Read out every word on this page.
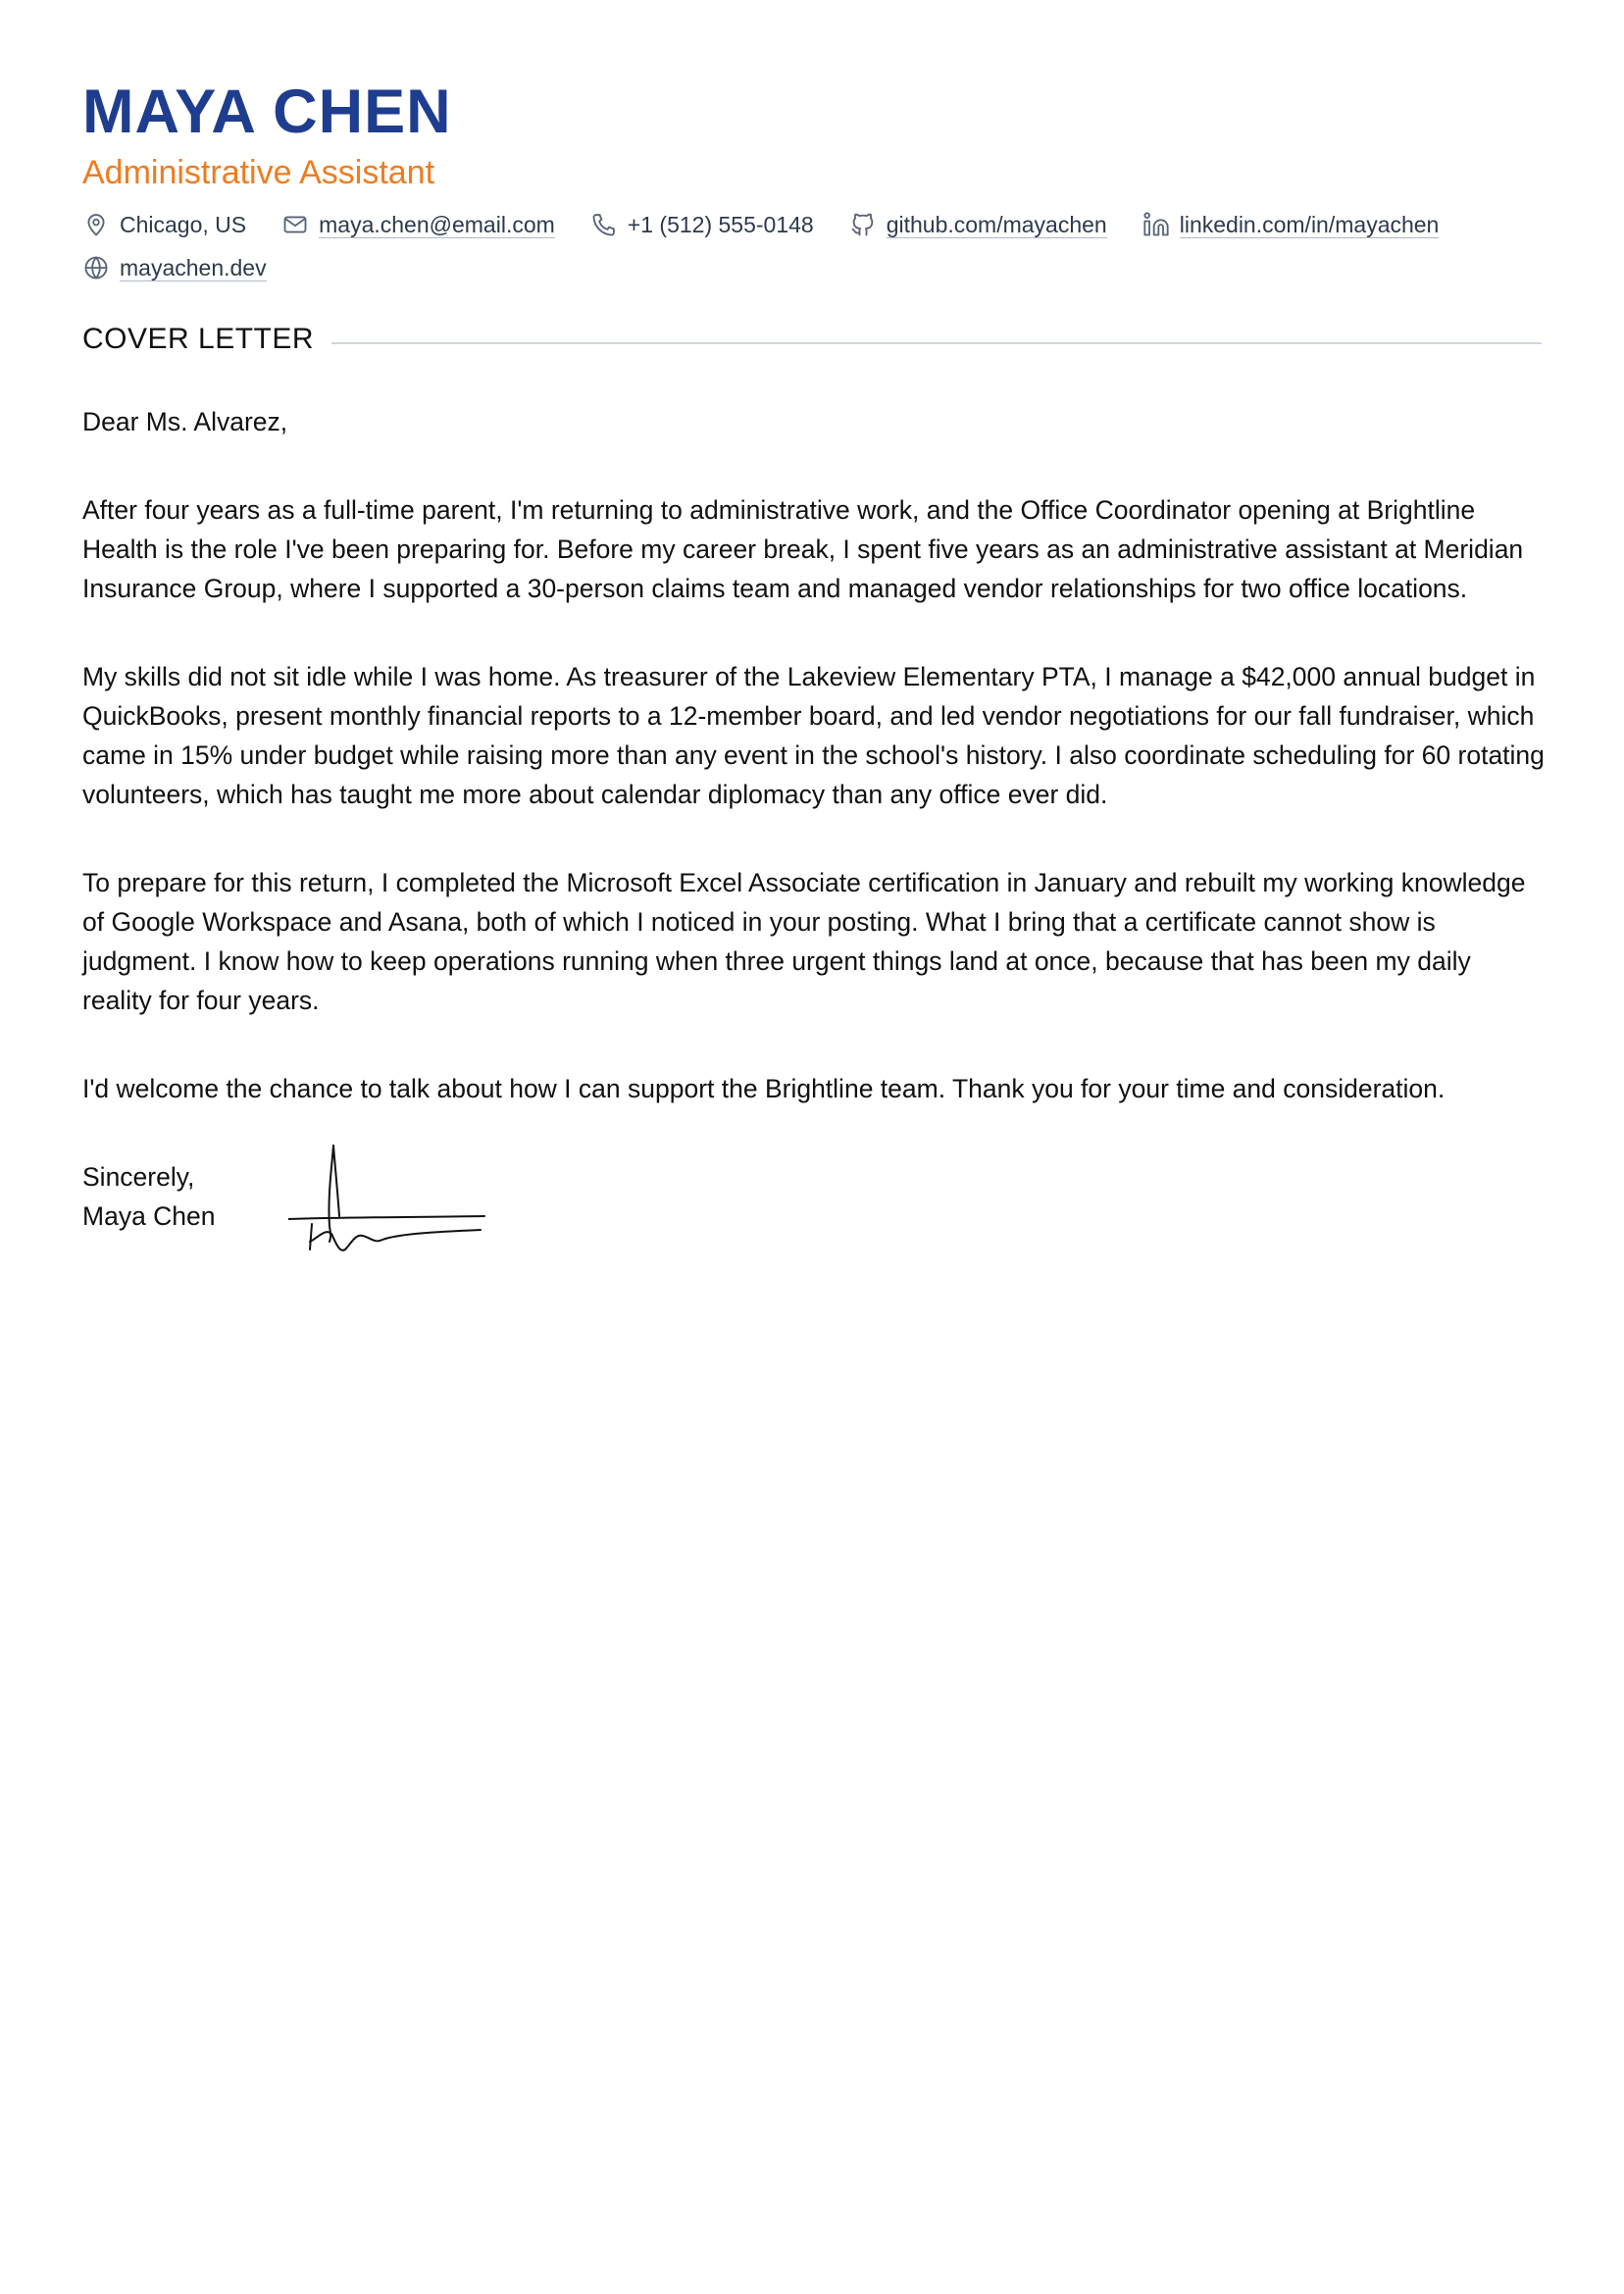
MAYA CHEN
Administrative Assistant
Chicago, US	maya.chen@email.com	+1 (512) 555-0148	github.com/mayachen	linkedin.com/in/mayachen
mayachen.dev
COVER LETTER

Dear Ms. Alvarez,

After four years as a full-time parent, I'm returning to administrative work, and the Office Coordinator opening at Brightline Health is the role I've been preparing for. Before my career break, I spent five years as an administrative assistant at Meridian Insurance Group, where I supported a 30-person claims team and managed vendor relationships for two office locations.

My skills did not sit idle while I was home. As treasurer of the Lakeview Elementary PTA, I manage a $42,000 annual budget in QuickBooks, present monthly financial reports to a 12-member board, and led vendor negotiations for our fall fundraiser, which came in 15% under budget while raising more than any event in the school's history. I also coordinate scheduling for 60 rotating volunteers, which has taught me more about calendar diplomacy than any office ever did.

To prepare for this return, I completed the Microsoft Excel Associate certification in January and rebuilt my working knowledge of Google Workspace and Asana, both of which I noticed in your posting. What I bring that a certificate cannot show is judgment. I know how to keep operations running when three urgent things land at once, because that has been my daily reality for four years.

I'd welcome the chance to talk about how I can support the Brightline team. Thank you for your time and consideration.

Sincerely,
Maya Chen
